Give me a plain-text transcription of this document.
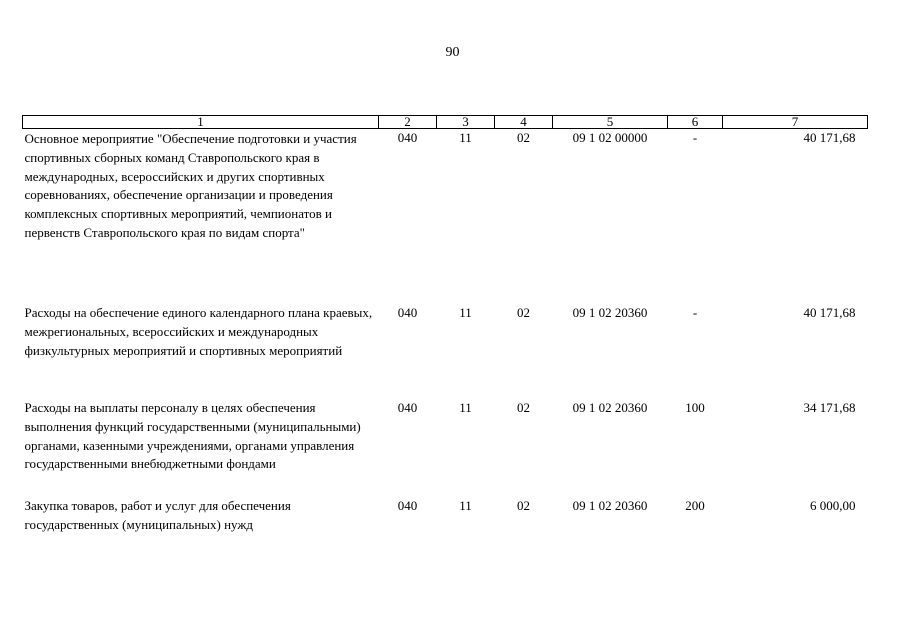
90
1	2	3	4	5	6	7
Основное мероприятие "Обеспечение подготовки и участия спортивных сборных команд Ставропольского края в международных, всероссийских и других спортивных соревнованиях, обеспечение организации и проведения комплексных спортивных мероприятий, чемпионатов и первенств Ставропольского края по видам спорта"	040	11	02	09 1 02 00000	-	40 171,68
Расходы на обеспечение единого календарного плана краевых, межрегиональных, всероссийских и международных физкультурных мероприятий и спортивных мероприятий	040	11	02	09 1 02 20360	-	40 171,68
Расходы на выплаты персоналу в целях обеспечения выполнения функций государственными (муниципальными) органами, казенными учреждениями, органами управления государственными внебюджетными фондами	040	11	02	09 1 02 20360	100	34 171,68
Закупка товаров, работ и услуг для обеспечения государственных (муниципальных) нужд	040	11	02	09 1 02 20360	200	6 000,00
